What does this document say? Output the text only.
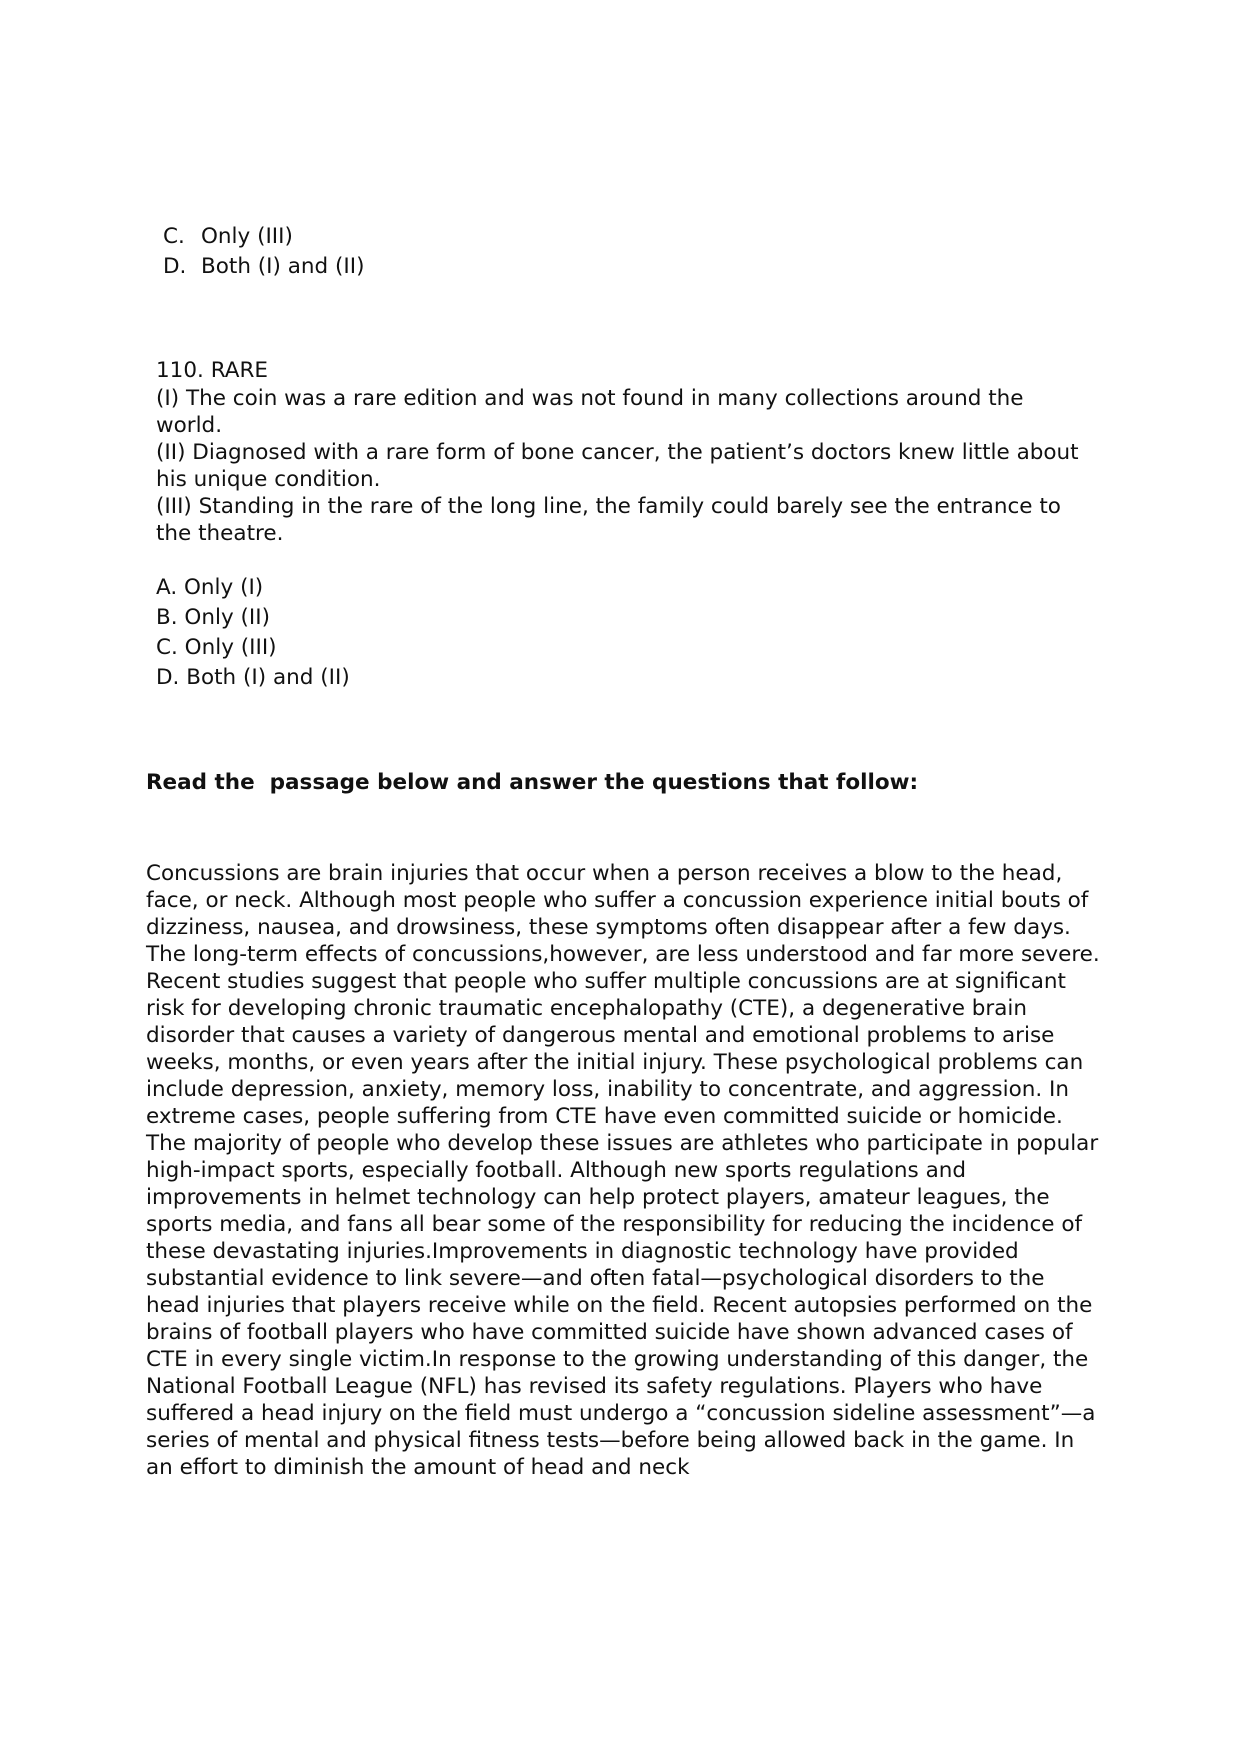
C. Only (III)
D. Both (I) and (II)

110. RARE

(I) The coin was a rare edition and was not found in many collections around the world.

(II) Diagnosed with a rare form of bone cancer, the patient’s doctors knew little about his unique condition.

(III) Standing in the rare of the long line, the family could barely see the entrance to the theatre.

A. Only (I)
B. Only (II)
C. Only (III)
D. Both (I) and (II)
Read the  passage below and answer the questions that follow:

Concussions are brain injuries that occur when a person receives a blow to the head, face, or neck. Although most people who suffer a concussion experience initial bouts of dizziness, nausea, and drowsiness, these symptoms often disappear after a few days. The long-term effects of concussions,however, are less understood and far more severe. Recent studies suggest that people who suffer multiple concussions are at significant risk for developing chronic traumatic encephalopathy (CTE), a degenerative brain disorder that causes a variety of dangerous mental and emotional problems to arise weeks, months, or even years after the initial injury. These psychological problems can include depression, anxiety, memory loss, inability to concentrate, and aggression. In extreme cases, people suffering from CTE have even committed suicide or homicide. The majority of people who develop these issues are athletes who participate in popular high-impact sports, especially football. Although new sports regulations and improvements in helmet technology can help protect players, amateur leagues, the sports media, and fans all bear some of the responsibility for reducing the incidence of these devastating injuries.Improvements in diagnostic technology have provided substantial evidence to link severe—and often fatal—psychological disorders to the head injuries that players receive while on the field. Recent autopsies performed on the brains of football players who have committed suicide have shown advanced cases of CTE in every single victim.In response to the growing understanding of this danger, the National Football League (NFL) has revised its safety regulations. Players who have suffered a head injury on the field must undergo a “concussion sideline assessment”—a series of mental and physical fitness tests—before being allowed back in the game. In an effort to diminish the amount of head and neck
